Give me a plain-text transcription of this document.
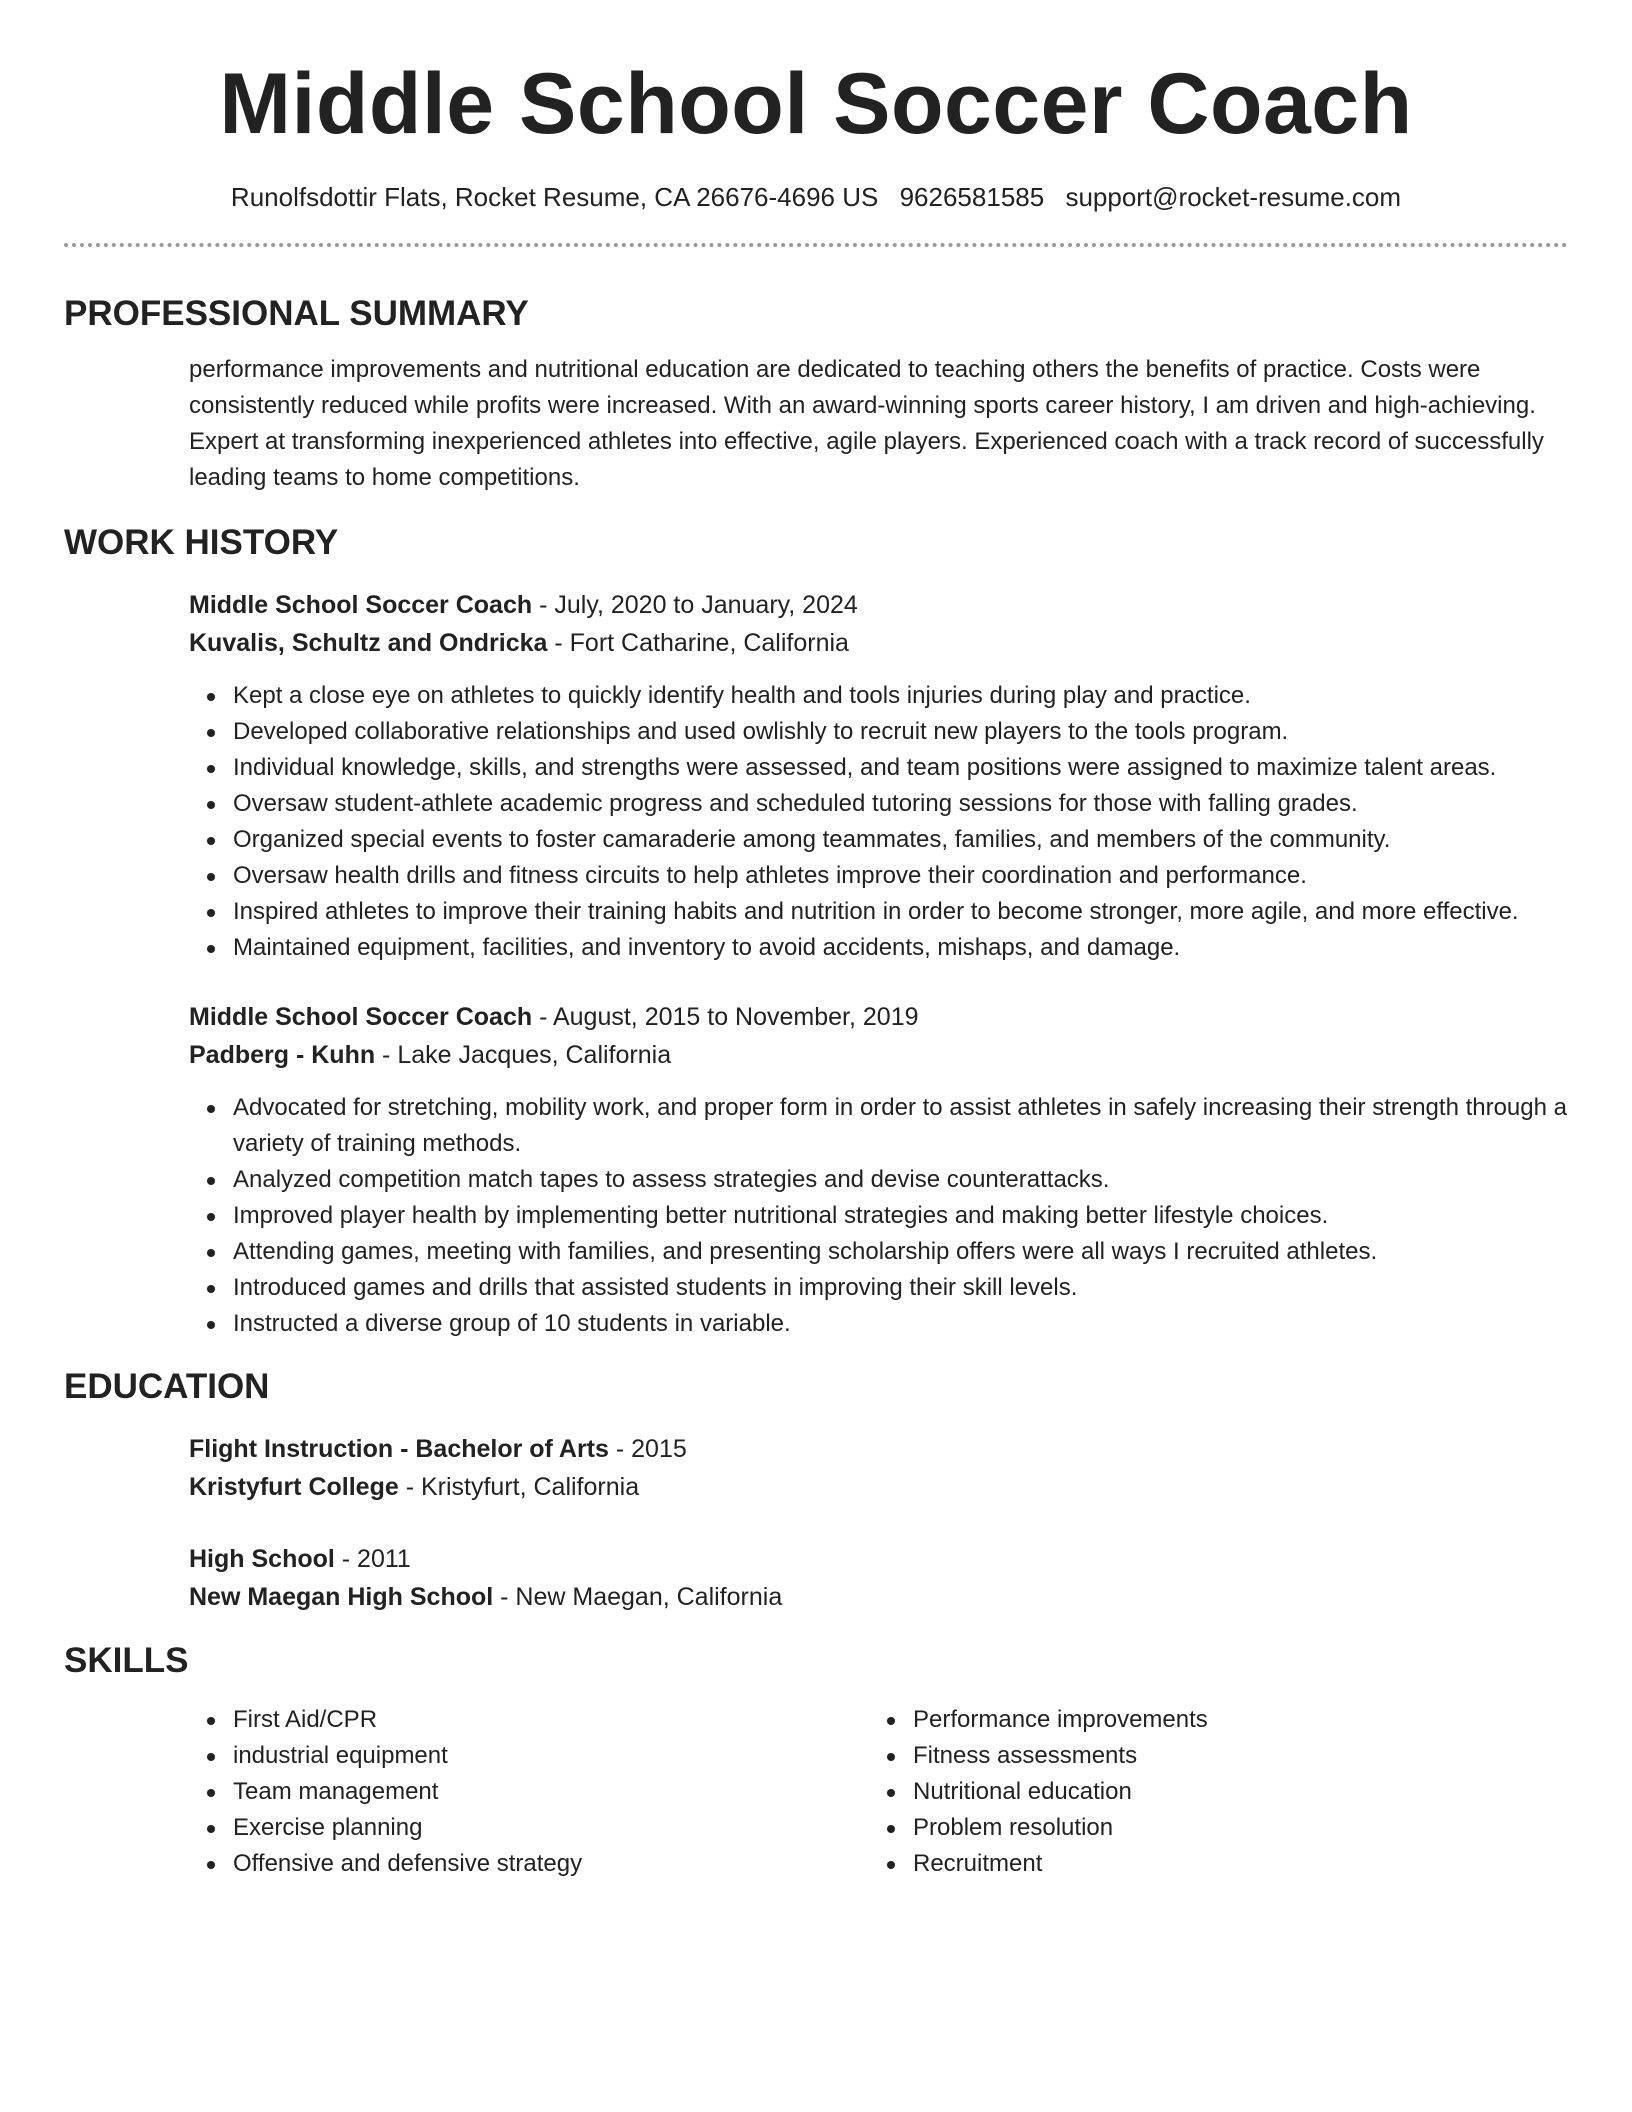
Middle School Soccer Coach
Runolfsdottir Flats, Rocket Resume, CA 26676-4696 US 9626581585 support@rocket-resume.com
PROFESSIONAL SUMMARY

performance improvements and nutritional education are dedicated to teaching others the benefits of practice. Costs were consistently reduced while profits were increased. With an award-winning sports career history, I am driven and high-achieving. Expert at transforming inexperienced athletes into effective, agile players. Experienced coach with a track record of successfully leading teams to home competitions.

WORK HISTORY
Middle School Soccer Coach - July, 2020 to January, 2024
Kuvalis, Schultz and Ondricka - Fort Catharine, California
Kept a close eye on athletes to quickly identify health and tools injuries during play and practice.
Developed collaborative relationships and used owlishly to recruit new players to the tools program.
Individual knowledge, skills, and strengths were assessed, and team positions were assigned to maximize talent areas.
Oversaw student-athlete academic progress and scheduled tutoring sessions for those with falling grades.
Organized special events to foster camaraderie among teammates, families, and members of the community.
Oversaw health drills and fitness circuits to help athletes improve their coordination and performance.
Inspired athletes to improve their training habits and nutrition in order to become stronger, more agile, and more effective.
Maintained equipment, facilities, and inventory to avoid accidents, mishaps, and damage.
Middle School Soccer Coach - August, 2015 to November, 2019
Padberg - Kuhn - Lake Jacques, California
Advocated for stretching, mobility work, and proper form in order to assist athletes in safely increasing their strength through a variety of training methods.
Analyzed competition match tapes to assess strategies and devise counterattacks.
Improved player health by implementing better nutritional strategies and making better lifestyle choices.
Attending games, meeting with families, and presenting scholarship offers were all ways I recruited athletes.
Introduced games and drills that assisted students in improving their skill levels.
Instructed a diverse group of 10 students in variable.
EDUCATION
Flight Instruction - Bachelor of Arts - 2015
Kristyfurt College - Kristyfurt, California
High School - 2011
New Maegan High School - New Maegan, California
SKILLS
First Aid/CPR
industrial equipment
Team management
Exercise planning
Offensive and defensive strategy
Performance improvements
Fitness assessments
Nutritional education
Problem resolution
Recruitment
